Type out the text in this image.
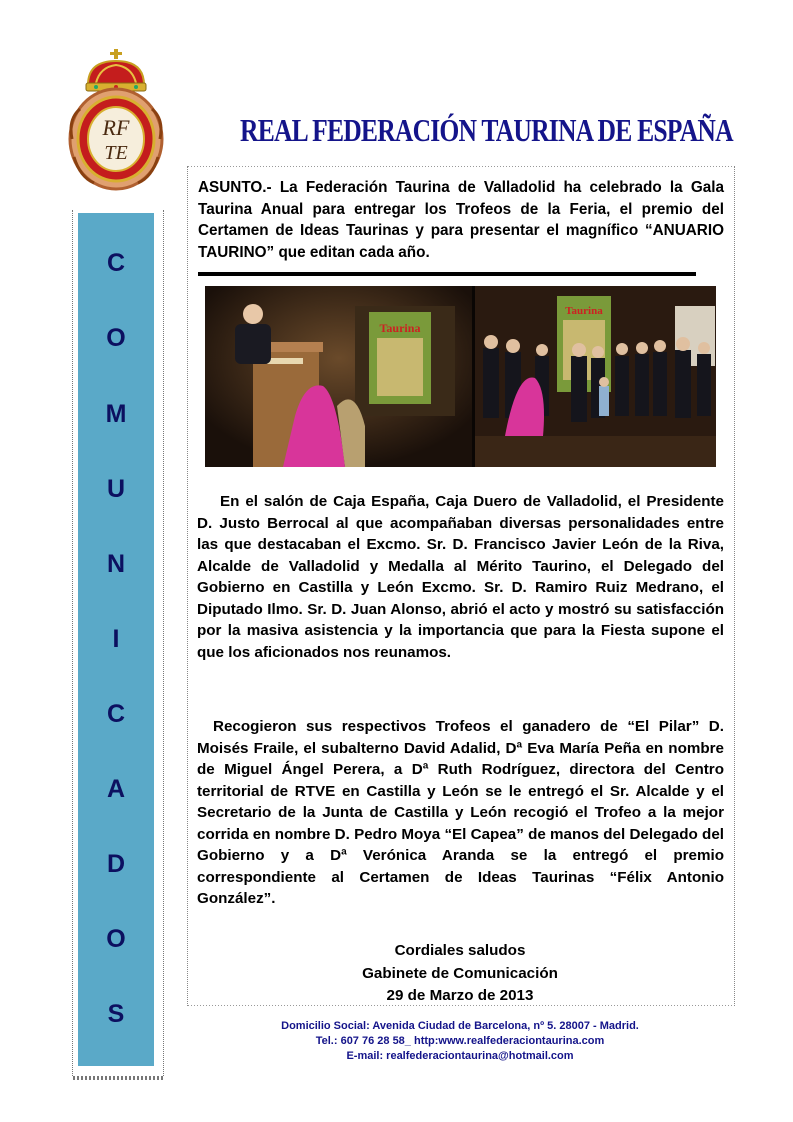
RF
TE
REAL FEDERACIÓN TAURINA DE ESPAÑA
C
O
M
U
N
I
C
A
D
O
S
ASUNTO.- La Federación Taurina de Valladolid ha celebrado la Gala Taurina Anual para entregar los Trofeos de la Feria, el premio del Certamen de Ideas Taurinas y para presentar el magnífico “ANUARIO TAURINO” que editan cada año.
Taurina
Taurina
En el salón de Caja España, Caja Duero de Valladolid, el Presidente D. Justo Berrocal al que acompañaban diversas personalidades entre las que destacaban el Excmo. Sr. D. Francisco Javier León de la Riva, Alcalde de Valladolid y Medalla al Mérito Taurino, el Delegado del Gobierno en Castilla y León Excmo. Sr. D. Ramiro Ruiz Medrano, el Diputado Ilmo. Sr. D. Juan Alonso, abrió el acto y mostró su satisfacción por la masiva asistencia y la importancia que para la Fiesta supone el que los aficionados nos reunamos.
Recogieron sus respectivos Trofeos el ganadero de “El Pilar” D. Moisés Fraile, el subalterno David Adalid, Dª Eva María Peña en nombre de Miguel Ángel Perera, a Dª Ruth Rodríguez, directora del Centro territorial de RTVE en Castilla y León se le entregó el Sr. Alcalde y el Secretario de la Junta de Castilla y León recogió el Trofeo a la mejor corrida en nombre D. Pedro Moya “El Capea” de manos del Delegado del Gobierno y a Dª Verónica Aranda se la entregó el premio correspondiente al Certamen de Ideas Taurinas “Félix Antonio González”.
Cordiales saludos
Gabinete de Comunicación
29 de Marzo de 2013
Domicilio Social: Avenida Ciudad de Barcelona, nº 5. 28007 - Madrid.
Tel.: 607 76 28 58_ http:www.realfederaciontaurina.com
E-mail: realfederaciontaurina@hotmail.com
